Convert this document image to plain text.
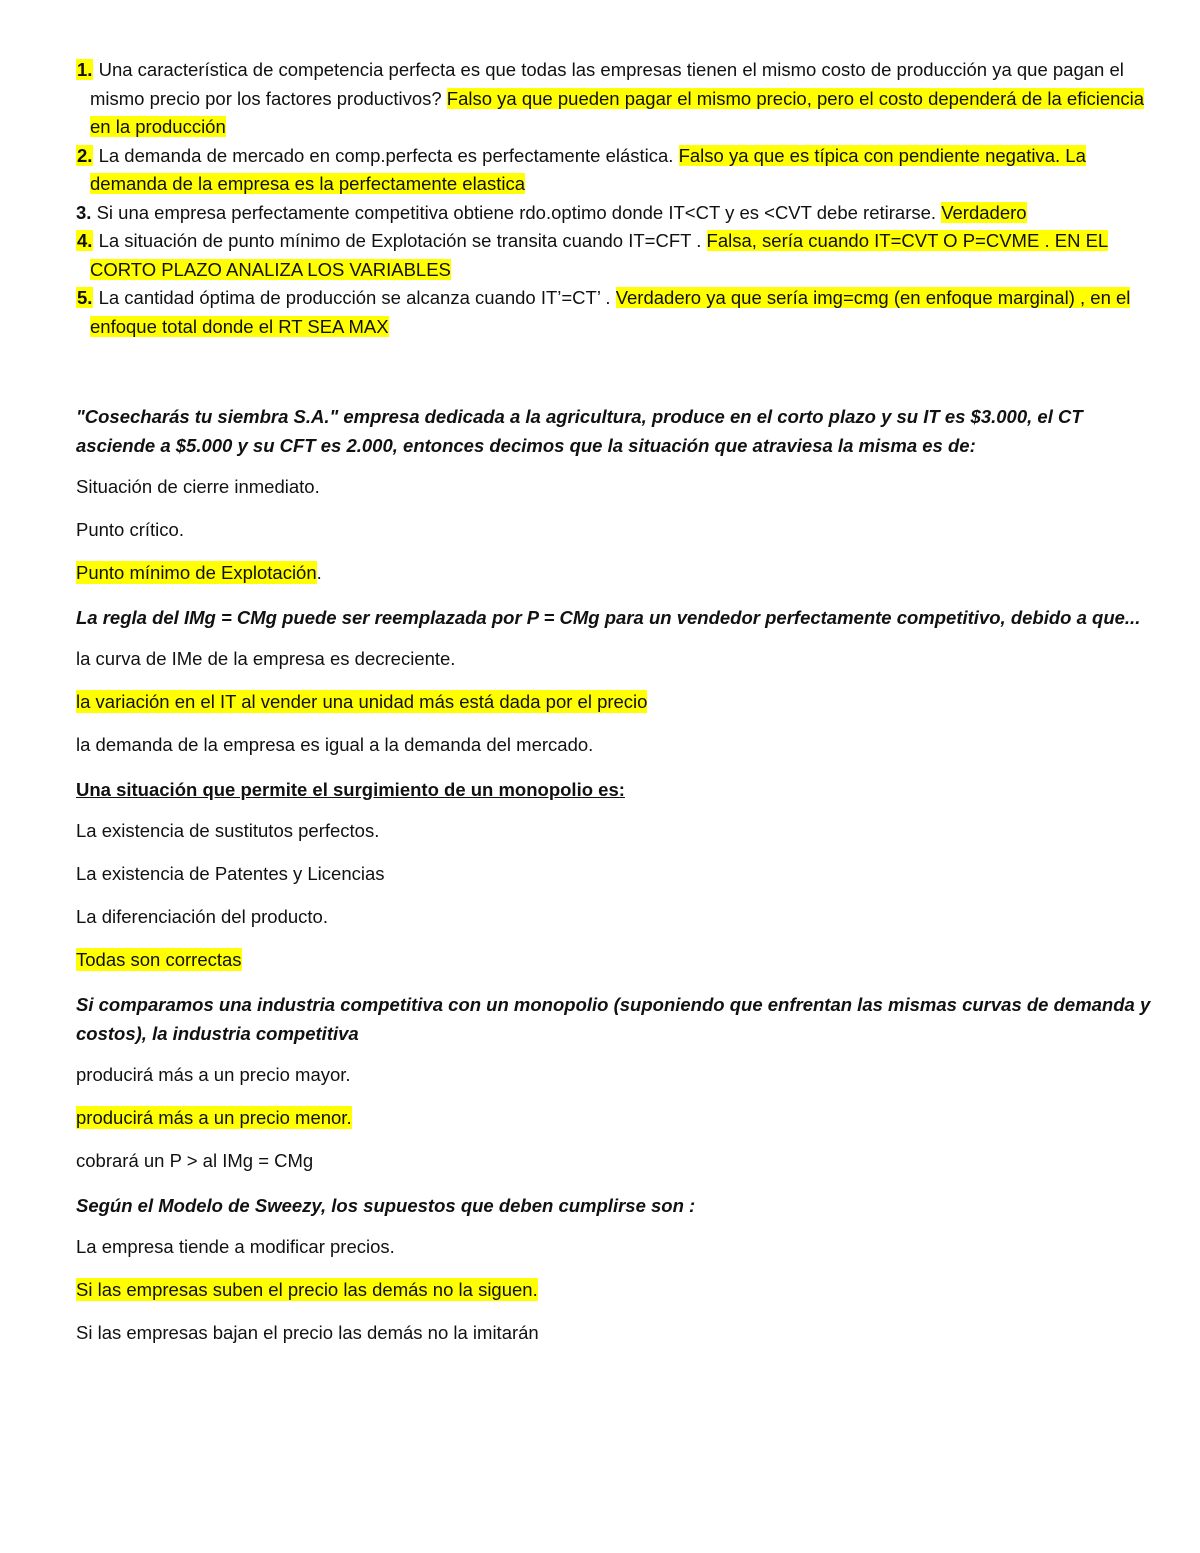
1. Una característica de competencia perfecta es que todas las empresas tienen el mismo costo de producción ya que pagan el mismo precio por los factores productivos? Falso ya que pueden pagar el mismo precio, pero el costo dependerá de la eficiencia en la producción
2. La demanda de mercado en comp.perfecta es perfectamente elástica. Falso ya que es típica con pendiente negativa. La demanda de la empresa es la perfectamente elastica
3. Si una empresa perfectamente competitiva obtiene rdo.optimo donde IT<CT y es <CVT debe retirarse. Verdadero
4. La situación de punto mínimo de Explotación se transita cuando IT=CFT . Falsa, sería cuando IT=CVT O P=CVME . EN EL CORTO PLAZO ANALIZA LOS VARIABLES
5. La cantidad óptima de producción se alcanza cuando IT’=CT’ . Verdadero ya que sería img=cmg (en enfoque marginal) , en el enfoque total donde el RT SEA MAX
"Cosecharás tu siembra S.A." empresa dedicada a la agricultura, produce en el corto plazo y su IT es $3.000, el CT asciende a $5.000 y su CFT es 2.000, entonces decimos que la situación que atraviesa la misma es de:
Situación de cierre inmediato.
Punto crítico.
Punto mínimo de Explotación.
La regla del IMg = CMg puede ser reemplazada por P = CMg para un vendedor perfectamente competitivo, debido a que...
la curva de IMe de la empresa es decreciente.
la variación en el IT al vender una unidad más está dada por el precio
la demanda de la empresa es igual a la demanda del mercado.
Una situación que permite el surgimiento de un monopolio es:
La existencia de sustitutos perfectos.
La existencia de Patentes y Licencias
La diferenciación del producto.
Todas son correctas
Si comparamos una industria competitiva con un monopolio (suponiendo que enfrentan las mismas curvas de demanda y costos), la industria competitiva
producirá más a un precio mayor.
producirá más a un precio menor.
cobrará un P > al IMg = CMg
Según el Modelo de Sweezy, los supuestos que deben cumplirse son :
La empresa tiende a modificar precios.
Si las empresas suben el precio las demás no la siguen.
Si las empresas bajan el precio las demás no la imitarán
